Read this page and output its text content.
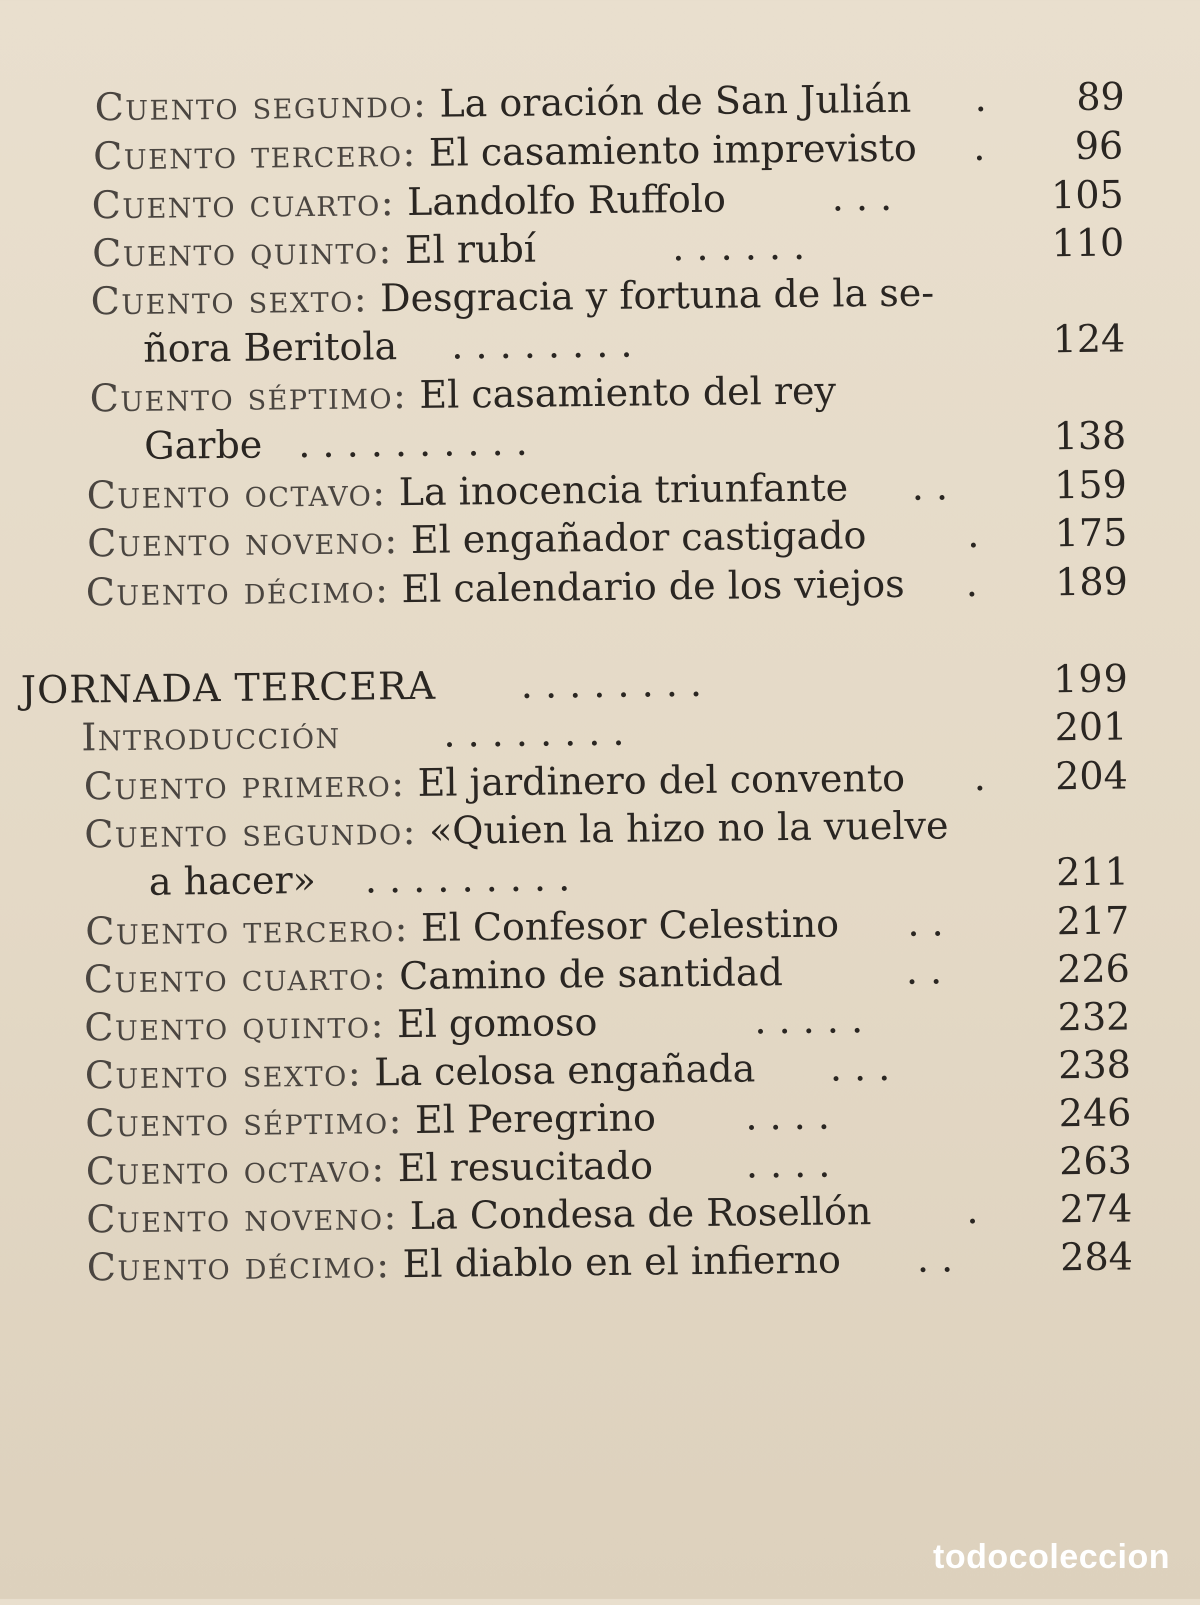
Cuento segundo: La oración de San Julián .	89
Cuento tercero: El casamiento imprevisto .	96
Cuento cuarto: Landolfo Ruffolo	. . .	105
Cuento quinto: El rubí	. . . . . .	110
Cuento sexto: Desgracia y fortuna de la se-
ñora Beritola . . . . . . . .	124
Cuento séptimo: El casamiento del rey
Garbe . . . . . . . . . .	138
Cuento octavo: La inocencia triunfante . .	159
Cuento noveno: El engañador castigado	.	175
Cuento décimo: El calendario de los viejos .	189
JORNADA TERCERA . . . . . . . .	199
Introducción	. . . . . . . .	201
Cuento primero: El jardinero del convento .	204
Cuento segundo: «Quien la hizo no la vuelve
a hacer» . . . . . . . . .	211
Cuento tercero: El Confesor Celestino . .	217
Cuento cuarto: Camino de santidad	. .	226
Cuento quinto: El gomoso	. . . . .	232
Cuento sexto: La celosa engañada . . .	238
Cuento séptimo: El Peregrino . . . .	246
Cuento octavo: El resucitado . . . .	263
Cuento noveno: La Condesa de Rosellón .	274
Cuento décimo: El diablo en el infierno . .	284
todocoleccion
